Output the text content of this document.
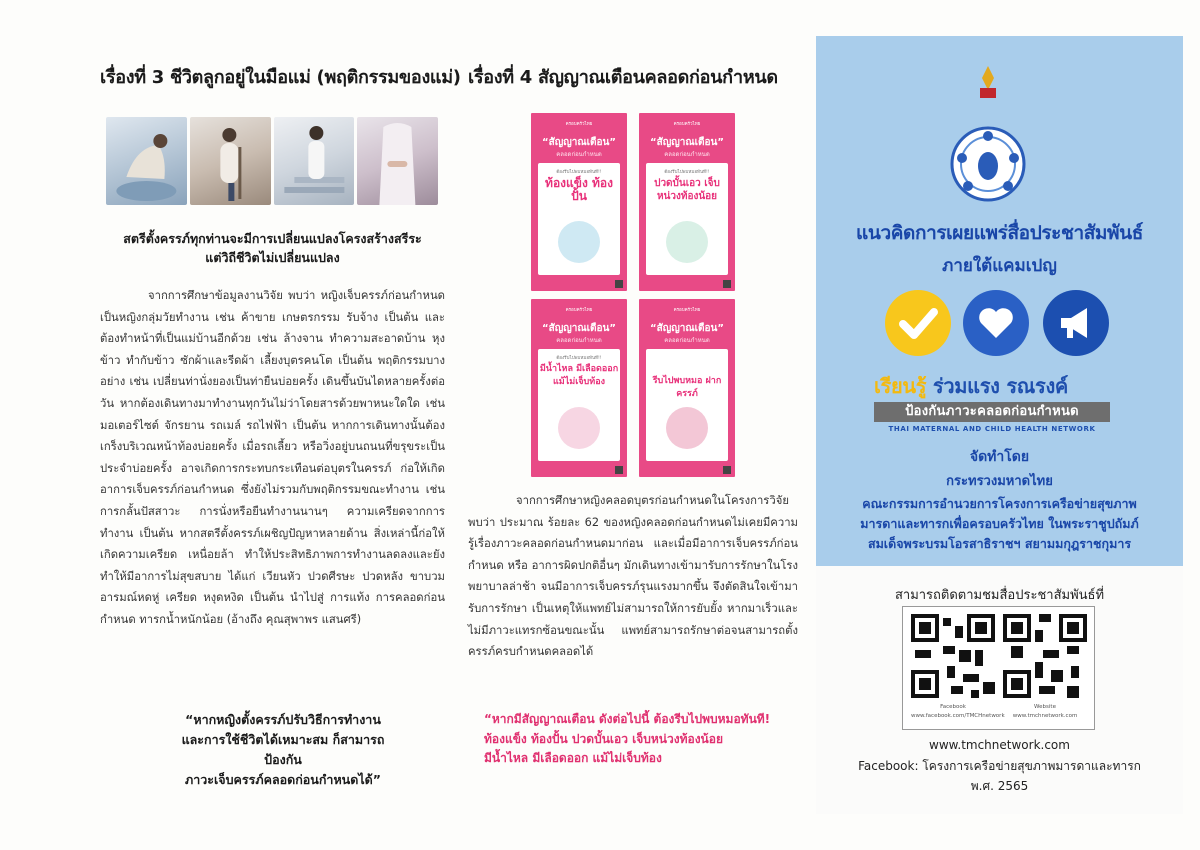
เรื่องที่ 3 ชีวิตลูกอยู่ในมือแม่ (พฤติกรรมของแม่)
สตรีตั้งครรภ์ทุกท่านจะมีการเปลี่ยนแปลงโครงสร้างสรีระ
แต่วิถีชีวิตไม่เปลี่ยนแปลง
จากการศึกษาข้อมูลงานวิจัย พบว่า หญิงเจ็บครรภ์ก่อนกำหนดเป็นหญิงกลุ่มวัยทำงาน เช่น ค้าขาย เกษตรกรรม รับจ้าง เป็นต้น และต้องทำหน้าที่เป็นแม่บ้านอีกด้วย เช่น ล้างจาน ทำความสะอาดบ้าน หุงข้าว ทำกับข้าว ซักผ้าและรีดผ้า เลี้ยงบุตรคนโต เป็นต้น พฤติกรรมบางอย่าง เช่น เปลี่ยนท่านั่งยองเป็นท่ายืนบ่อยครั้ง เดินขึ้นบันไดหลายครั้งต่อวัน หากต้องเดินทางมาทำงานทุกวันไม่ว่าโดยสารด้วยพาหนะใดใด เช่น มอเตอร์ไซต์ จักรยาน รถเมล์ รถไฟฟ้า เป็นต้น หากการเดินทางนั้นต้องเกร็งบริเวณหน้าท้องบ่อยครั้ง เมื่อรถเลี้ยว หรือวิ่งอยู่บนถนนที่ขรุขระเป็นประจำบ่อยครั้ง อาจเกิดการกระทบกระเทือนต่อบุตรในครรภ์ ก่อให้เกิดอาการเจ็บครรภ์ก่อนกำหนด ซึ่งยังไม่รวมกับพฤติกรรมขณะทำงาน เช่น การกลั้นปัสสาวะ การนั่งหรือยืนทำงานนานๆ ความเครียดจากการทำงาน เป็นต้น หากสตรีตั้งครรภ์เผชิญปัญหาหลายด้าน สิ่งเหล่านี้ก่อให้เกิดความเครียด เหนื่อยล้า ทำให้ประสิทธิภาพการทำงานลดลงและยังทำให้มีอาการไม่สุขสบาย ได้แก่ เวียนหัว ปวดศีรษะ ปวดหลัง ขาบวม อารมณ์หดหู่ เครียด หงุดหงิด เป็นต้น นำไปสู่ การแท้ง การคลอดก่อนกำหนด ทารกน้ำหนักน้อย (อ้างถึง คุณสุพาพร แสนศรี)
“หากหญิงตั้งครรภ์ปรับวิธีการทำงาน
และการใช้ชีวิตได้เหมาะสม ก็สามารถป้องกัน
ภาวะเจ็บครรภ์คลอดก่อนกำหนดได้”
เรื่องที่ 4 สัญญาณเตือนคลอดก่อนกำหนด
ครอบครัวไทย
“สัญญาณเตือน”
คลอดก่อนกำหนด
ต้องรีบไปพบหมอทันที!!
ท้องแข็ง ท้องปั้น
ครอบครัวไทย
“สัญญาณเตือน”
คลอดก่อนกำหนด
ต้องรีบไปพบหมอทันที!!
ปวดบั้นเอว เจ็บหน่วงท้องน้อย
ครอบครัวไทย
“สัญญาณเตือน”
คลอดก่อนกำหนด
ต้องรีบไปพบหมอทันที!!
มีน้ำไหล มีเลือดออก แม้ไม่เจ็บท้อง
ครอบครัวไทย
“สัญญาณเตือน”
คลอดก่อนกำหนด
รีบไปพบหมอ ฝากครรภ์
จากการศึกษาหญิงคลอดบุตรก่อนกำหนดในโครงการวิจัย พบว่า ประมาณ ร้อยละ 62 ของหญิงคลอดก่อนกำหนดไม่เคยมีความรู้เรื่องภาวะคลอดก่อนกำหนดมาก่อน และเมื่อมีอาการเจ็บครรภ์ก่อนกำหนด หรือ อาการผิดปกติอื่นๆ มักเดินทางเข้ามารับการรักษาในโรงพยาบาลล่าช้า จนมีอาการเจ็บครรภ์รุนแรงมากขึ้น จึงตัดสินใจเข้ามารับการรักษา เป็นเหตุให้แพทย์ไม่สามารถให้การยับยั้ง หากมาเร็วและไม่มีภาวะแทรกซ้อนขณะนั้น แพทย์สามารถรักษาต่อจนสามารถตั้งครรภ์ครบกำหนดคลอดได้
“หากมีสัญญาณเตือน ดังต่อไปนี้ ต้องรีบไปพบหมอทันที!
ท้องแข็ง ท้องปั้น ปวดบั้นเอว เจ็บหน่วงท้องน้อย
มีน้ำไหล มีเลือดออก แม้ไม่เจ็บท้อง
แนวคิดการเผยแพร่สื่อประชาสัมพันธ์
ภายใต้แคมเปญ
เรียนรู้ ร่วมแรง รณรงค์
ป้องกันภาวะคลอดก่อนกำหนด
THAI MATERNAL AND CHILD HEALTH NETWORK
จัดทำโดย
กระทรวงมหาดไทย
คณะกรรมการอำนวยการโครงการเครือข่ายสุขภาพ
มารดาและทารกเพื่อครอบครัวไทย ในพระราชูปถัมภ์
สมเด็จพระบรมโอรสาธิราชฯ สยามมกุฎราชกุมาร
สามารถติดตามชมสื่อประชาสัมพันธ์ที่
Facebook
www.facebook.com/TMCHnetwork
Website
www.tmchnetwork.com
www.tmchnetwork.com
Facebook: โครงการเครือข่ายสุขภาพมารดาและทารก
พ.ศ. 2565
